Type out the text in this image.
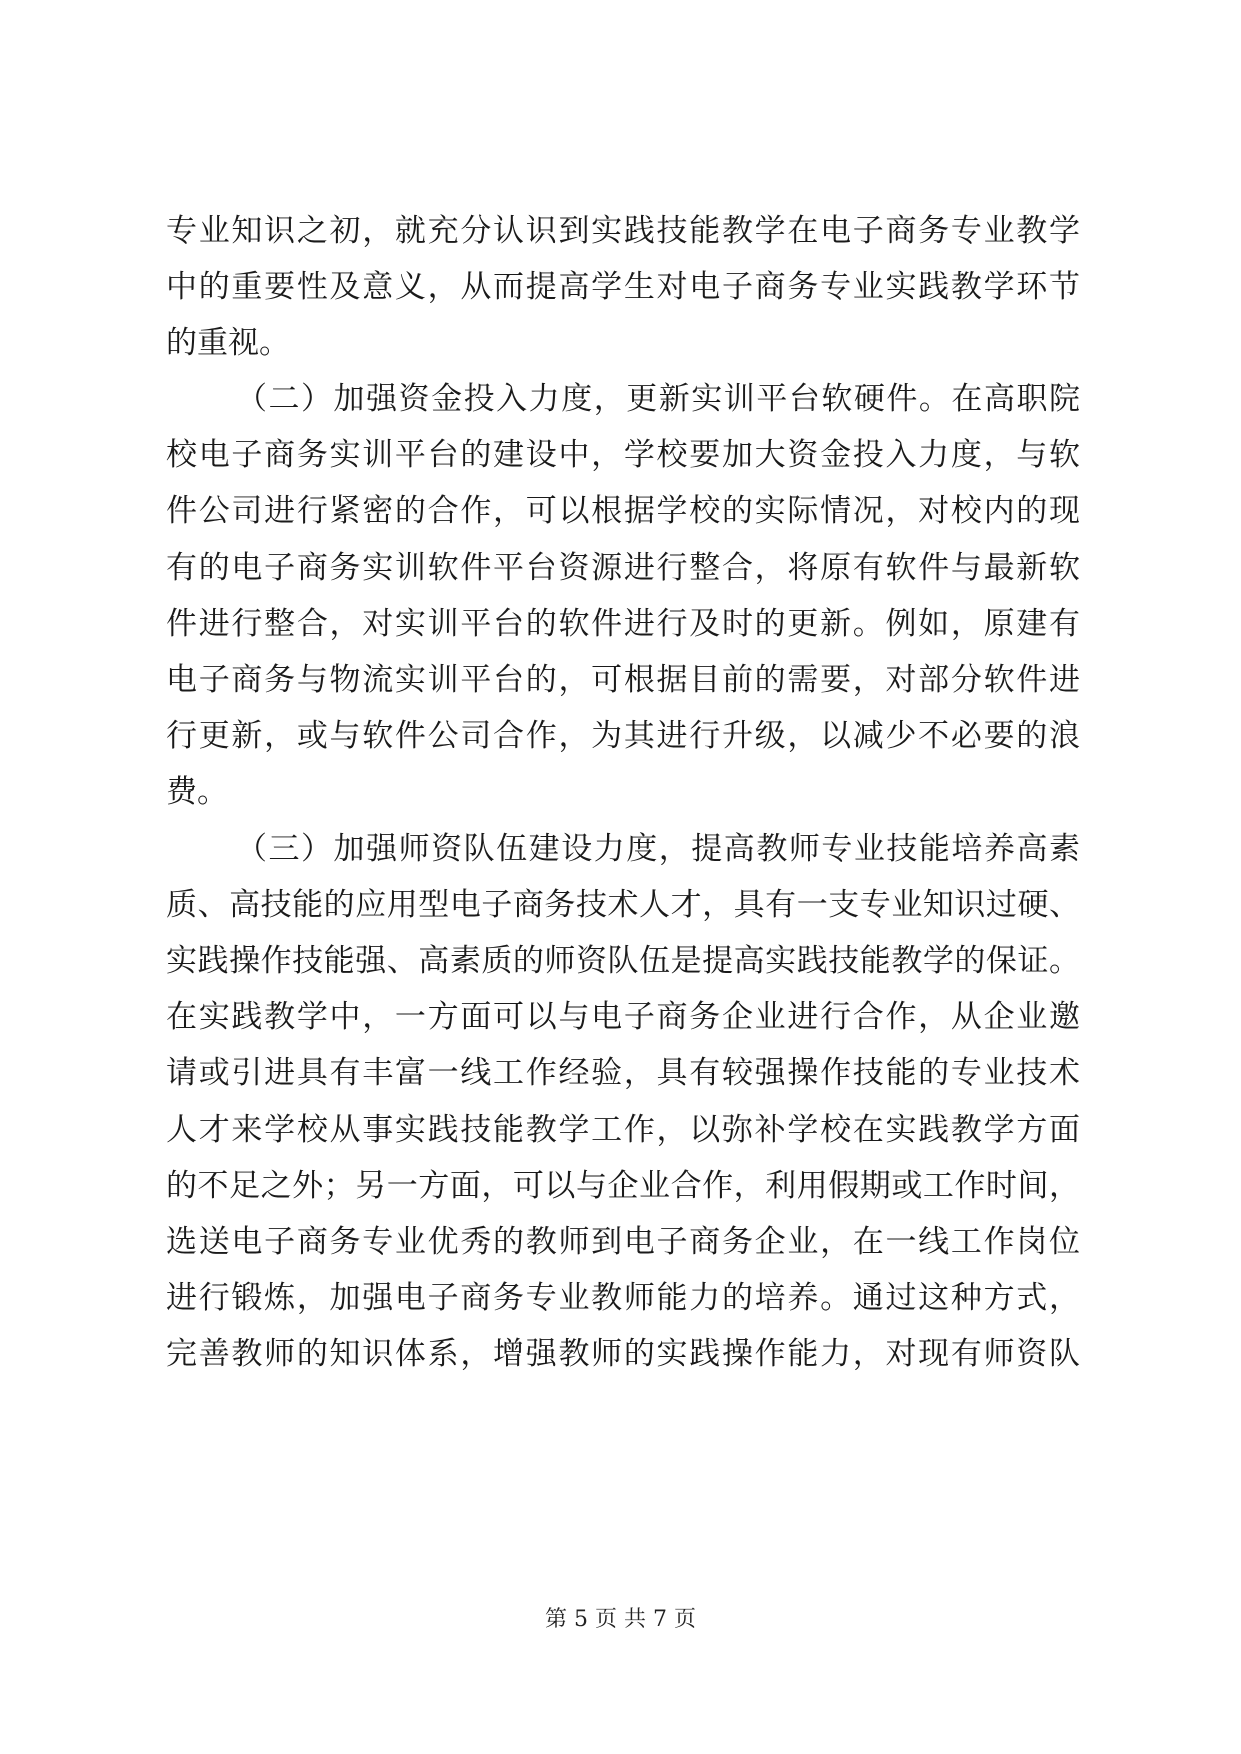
专业知识之初，就充分认识到实践技能教学在电子商务专业教学
中的重要性及意义，从而提高学生对电子商务专业实践教学环节
的重视。
（二）加强资金投入力度，更新实训平台软硬件。在高职院
校电子商务实训平台的建设中，学校要加大资金投入力度，与软
件公司进行紧密的合作，可以根据学校的实际情况，对校内的现
有的电子商务实训软件平台资源进行整合，将原有软件与最新软
件进行整合，对实训平台的软件进行及时的更新。例如，原建有
电子商务与物流实训平台的，可根据目前的需要，对部分软件进
行更新，或与软件公司合作，为其进行升级，以减少不必要的浪
费。
（三）加强师资队伍建设力度，提高教师专业技能培养高素
质、高技能的应用型电子商务技术人才，具有一支专业知识过硬、
实践操作技能强、高素质的师资队伍是提高实践技能教学的保证。
在实践教学中，一方面可以与电子商务企业进行合作，从企业邀
请或引进具有丰富一线工作经验，具有较强操作技能的专业技术
人才来学校从事实践技能教学工作，以弥补学校在实践教学方面
的不足之外；另一方面，可以与企业合作，利用假期或工作时间，
选送电子商务专业优秀的教师到电子商务企业，在一线工作岗位
进行锻炼，加强电子商务专业教师能力的培养。通过这种方式，
完善教师的知识体系，增强教师的实践操作能力，对现有师资队
第 5 页 共 7 页
